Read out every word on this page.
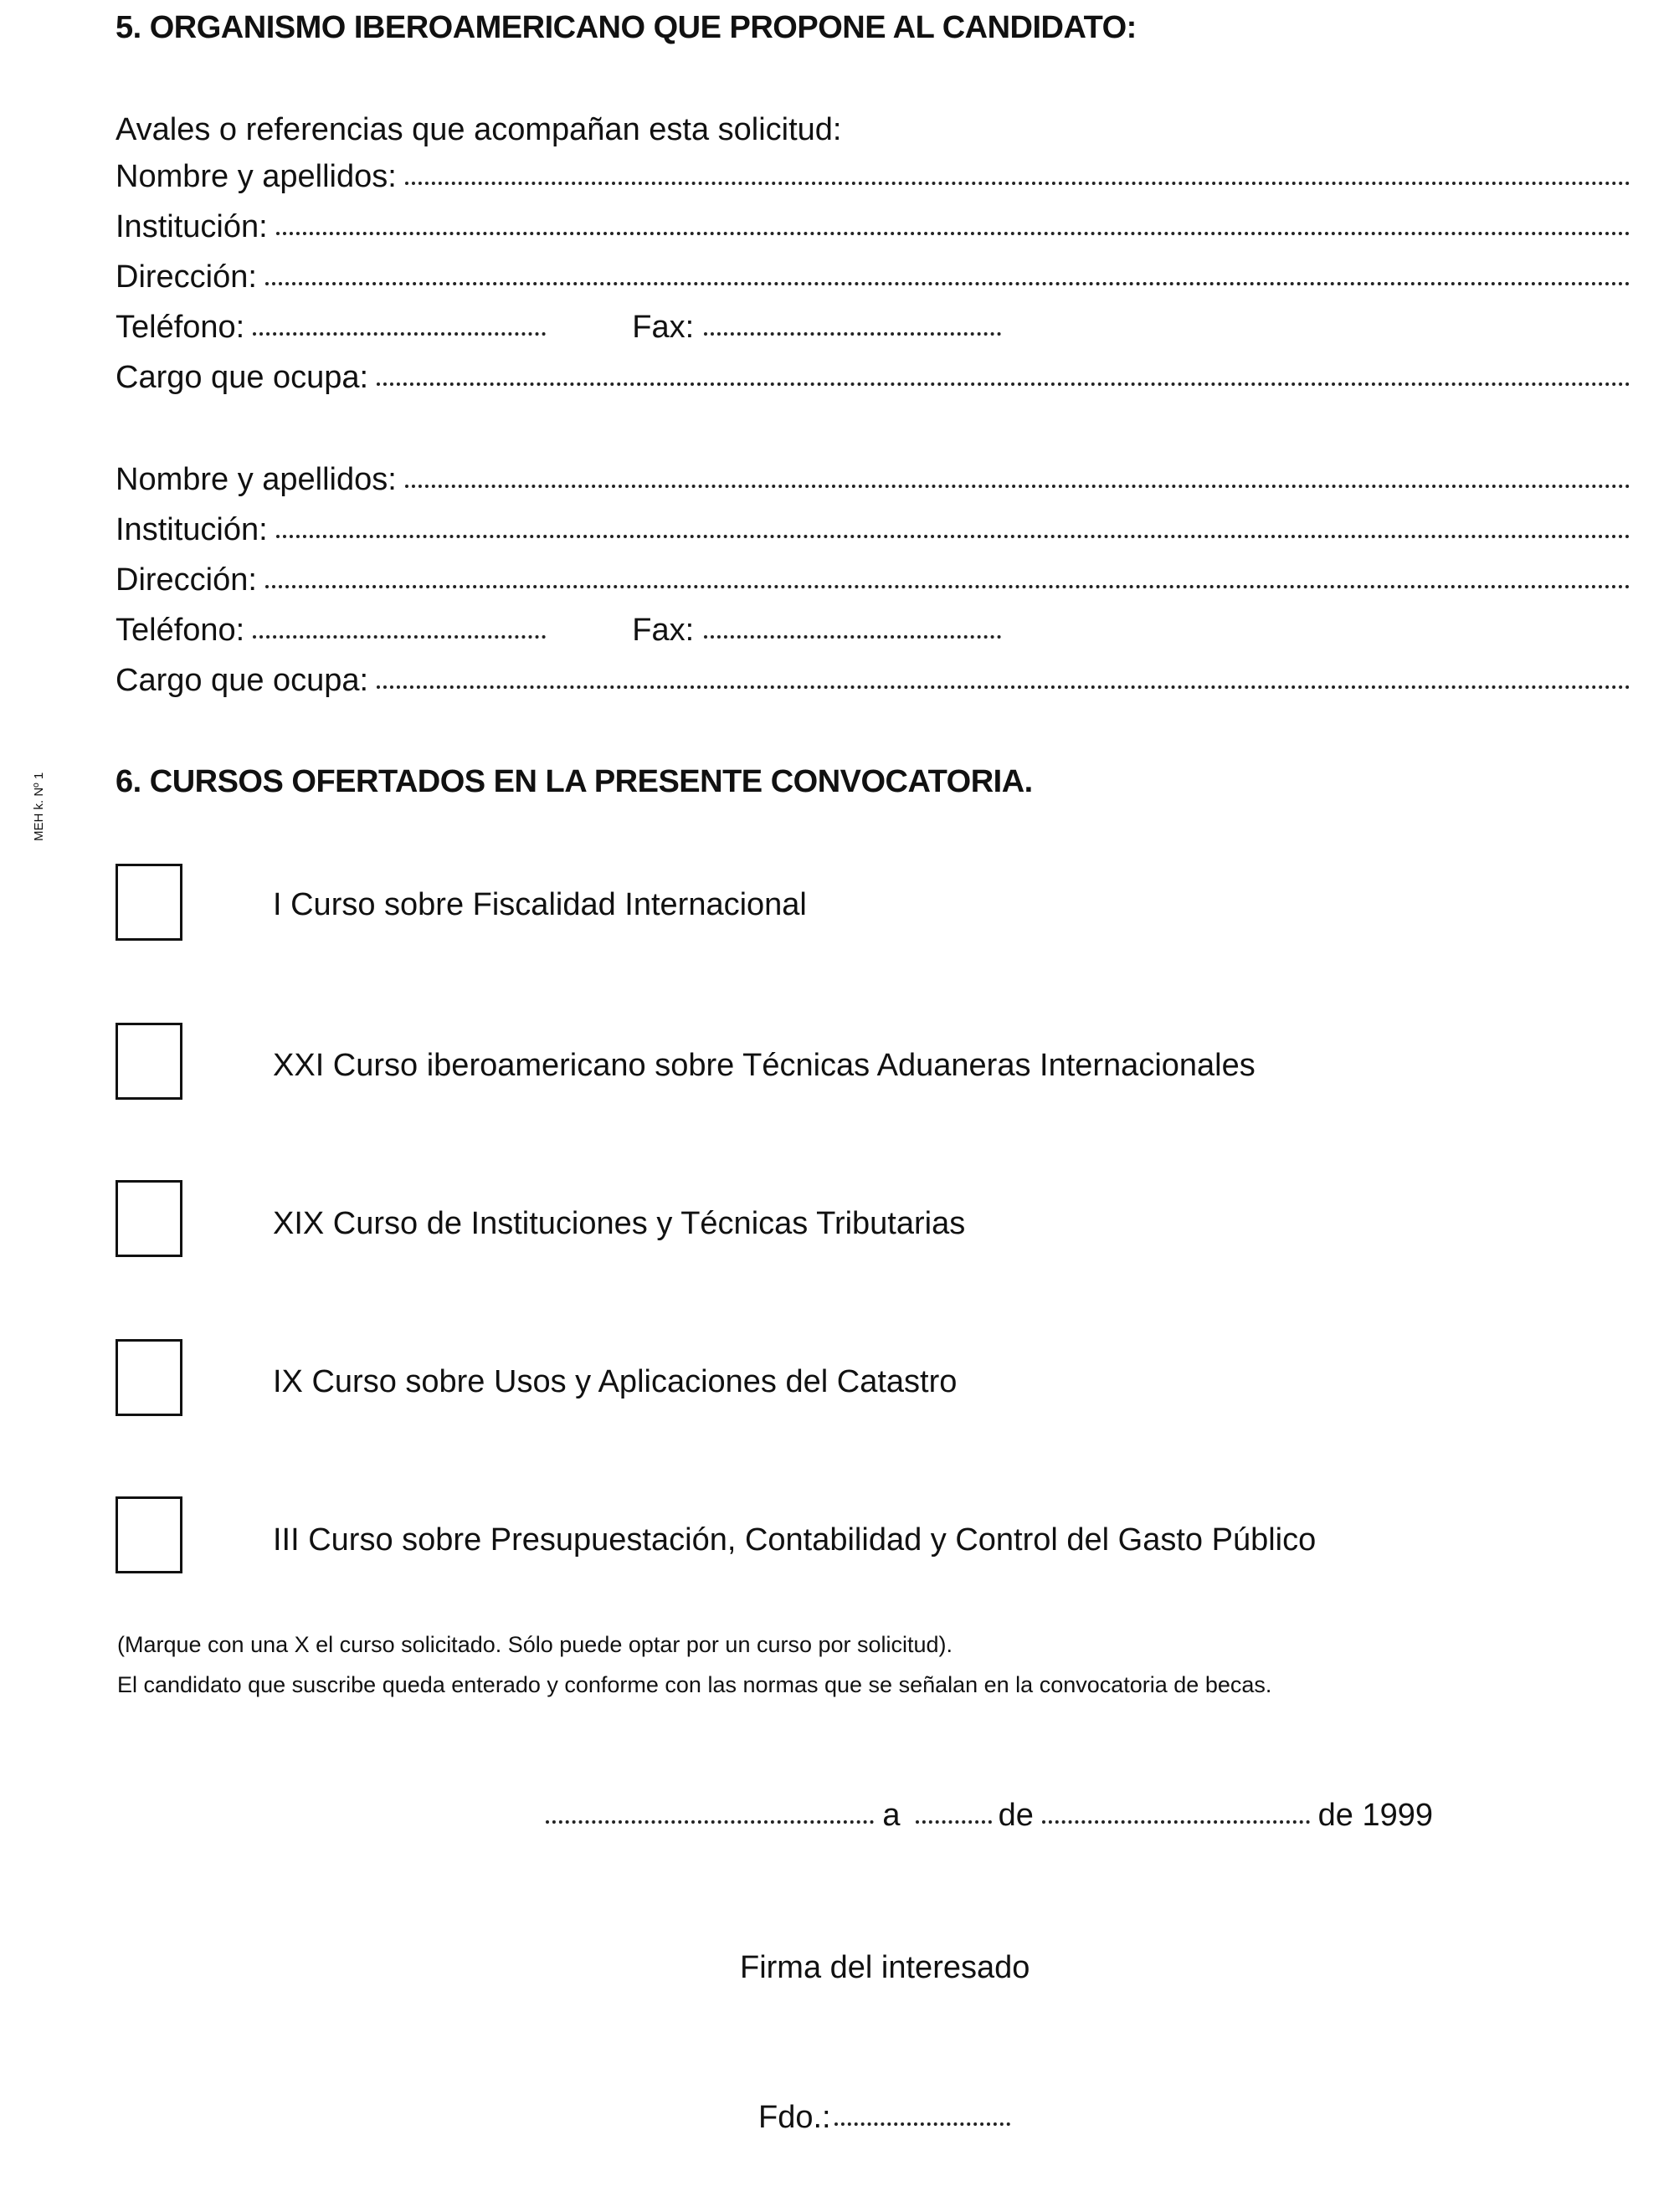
5. ORGANISMO IBEROAMERICANO QUE PROPONE AL CANDIDATO:
Avales o referencias que acompañan esta solicitud:
Nombre y apellidos:
Institución:
Dirección:
Teléfono:	Fax:
Cargo que ocupa:
Nombre y apellidos:
Institución:
Dirección:
Teléfono:	Fax:
Cargo que ocupa:
MEH k. Nº 1 6. CURSOS OFERTADOS EN LA PRESENTE CONVOCATORIA.
I Curso sobre Fiscalidad Internacional
XXI Curso iberoamericano sobre Técnicas Aduaneras Internacionales
XIX Curso de Instituciones y Técnicas Tributarias
IX Curso sobre Usos y Aplicaciones del Catastro
III Curso sobre Presupuestación, Contabilidad y Control del Gasto Público
(Marque con una X el curso solicitado. Sólo puede optar por un curso por solicitud).
El candidato que suscribe queda enterado y conforme con las normas que se señalan en la convocatoria de becas.
a	de	de 1999
Firma del interesado
Fdo.:
